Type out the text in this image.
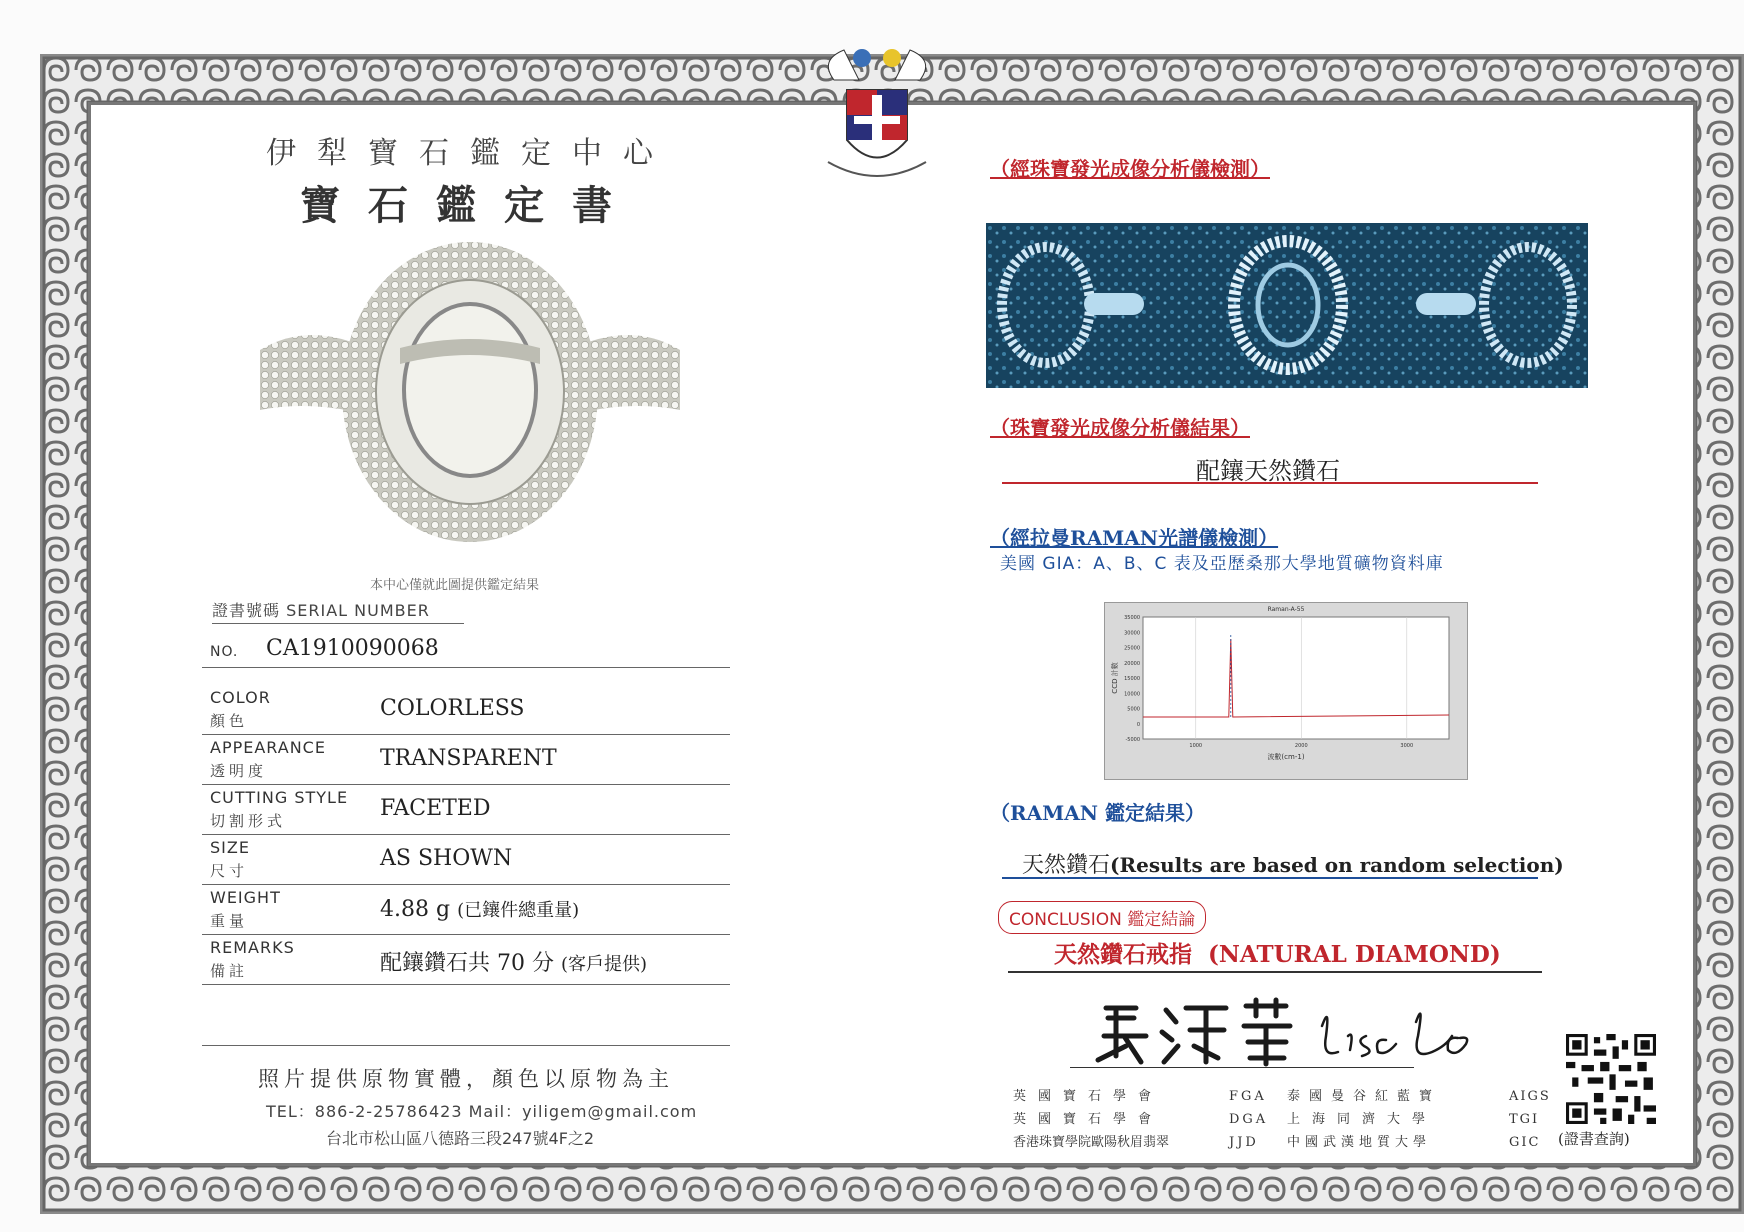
伊犁寶石鑑定中心
寶石鑑定書
本中心僅就此圖提供鑑定結果
證書號碼 SERIAL NUMBER
NO. CA1910090068
COLOR
顏色	COLORLESS
APPEARANCE
透明度	TRANSPARENT
CUTTING STYLE
切割形式	FACETED
SIZE
尺寸	AS SHOWN
WEIGHT
重量	4.88 g (已鑲件總重量)
REMARKS
備註	配鑲鑽石共 70 分 (客戶提供)
照片提供原物實體，顏色以原物為主
TEL：886-2-25786423 Mail：yiligem@gmail.com
台北市松山區八德路三段247號4F之2
（經珠寶發光成像分析儀檢測）
（珠寶發光成像分析儀結果）
配鑲天然鑽石
（經拉曼RAMAN光譜儀檢測）
美國 GIA：A、B、C 表及亞歷桑那大學地質礦物資料庫
Raman-A-55
1000	2000	3000
35000
30000
25000
20000
15000
10000
5000
0
-5000
波數(cm-1)
CCD 計數
（RAMAN 鑑定結果）
天然鑽石(Results are based on random selection)
CONCLUSION 鑑定結論
天然鑽石戒指 (NATURAL DIAMOND)
英國寶石學會	FGA	泰國曼谷紅藍寶	AIGS
英國寶石學會	DGA	上海同濟大學	TGI
香港珠寶學院歐陽秋眉翡翠	JJD	中國武漢地質大學	GIC (證書查詢)
